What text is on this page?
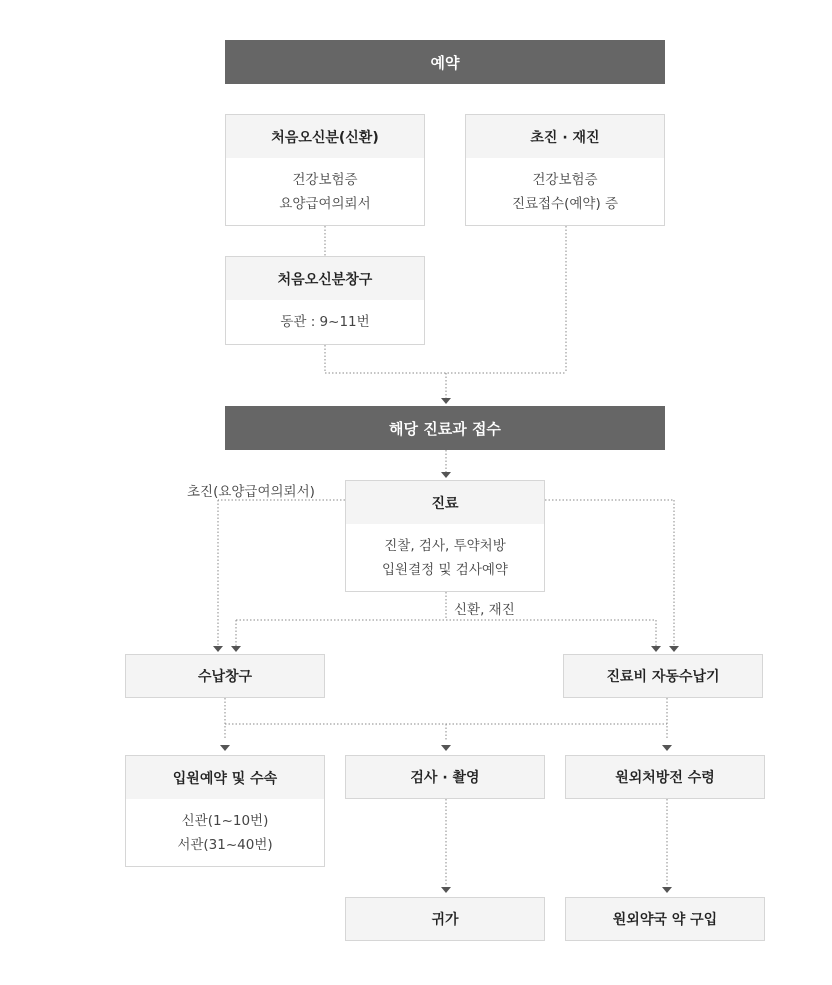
예약
처음오신분(신환)
건강보험증
요양급여의뢰서
초진 · 재진
건강보험증
진료접수(예약) 증
처음오신분창구
동관 : 9~11번
해당 진료과 접수
초진(요양급여의뢰서)
진료
진찰, 검사, 투약처방
입원결정 및 검사예약
신환, 재진
수납창구	진료비 자동수납기
입원예약 및 수속
신관(1~10번)
서관(31~40번)
검사 · 촬영	원외처방전 수령
귀가	원외약국 약 구입
